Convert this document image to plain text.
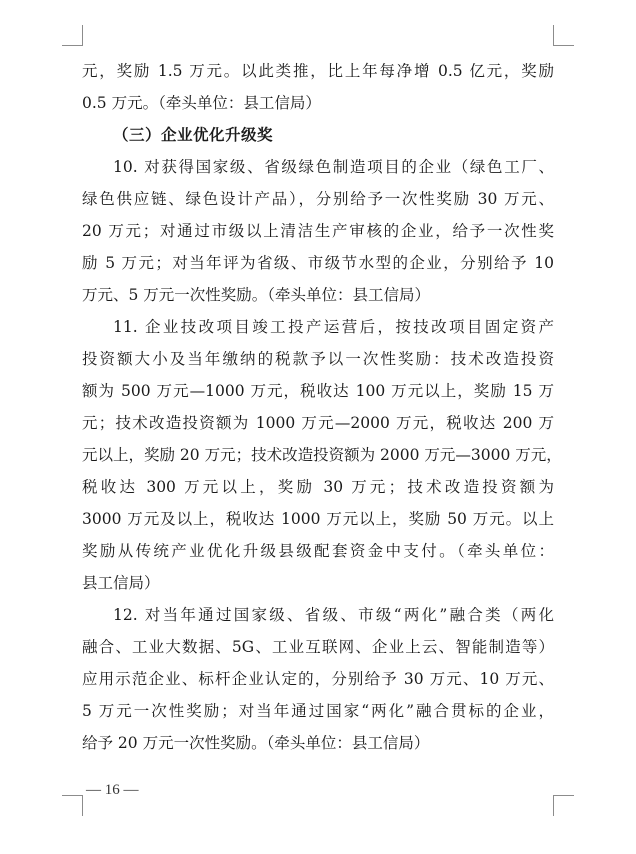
元，奖励 1.5 万元。以此类推，比上年每净增 0.5 亿元，奖励
0.5 万元。（牵头单位：县工信局）
（三）企业优化升级奖
10. 对获得国家级、省级绿色制造项目的企业（绿色工厂、
绿色供应链、绿色设计产品），分别给予一次性奖励 30 万元、
20 万元；对通过市级以上清洁生产审核的企业，给予一次性奖
励 5 万元；对当年评为省级、市级节水型的企业，分别给予 10
万元、5 万元一次性奖励。（牵头单位：县工信局）
11. 企业技改项目竣工投产运营后，按技改项目固定资产
投资额大小及当年缴纳的税款予以一次性奖励：技术改造投资
额为 500 万元—1000 万元，税收达 100 万元以上，奖励 15 万
元；技术改造投资额为 1000 万元—2000 万元，税收达 200 万
元以上，奖励 20 万元；技术改造投资额为 2000 万元—3000 万元，
税收达 300 万元以上，奖励 30 万元；技术改造投资额为
3000 万元及以上，税收达 1000 万元以上，奖励 50 万元。以上
奖励从传统产业优化升级县级配套资金中支付。（牵头单位：
县工信局）
12. 对当年通过国家级、省级、市级“两化”融合类（两化
融合、工业大数据、5G、工业互联网、企业上云、智能制造等）
应用示范企业、标杆企业认定的，分别给予 30 万元、10 万元、
5 万元一次性奖励；对当年通过国家“两化”融合贯标的企业，
给予 20 万元一次性奖励。（牵头单位：县工信局）
— 16 —
